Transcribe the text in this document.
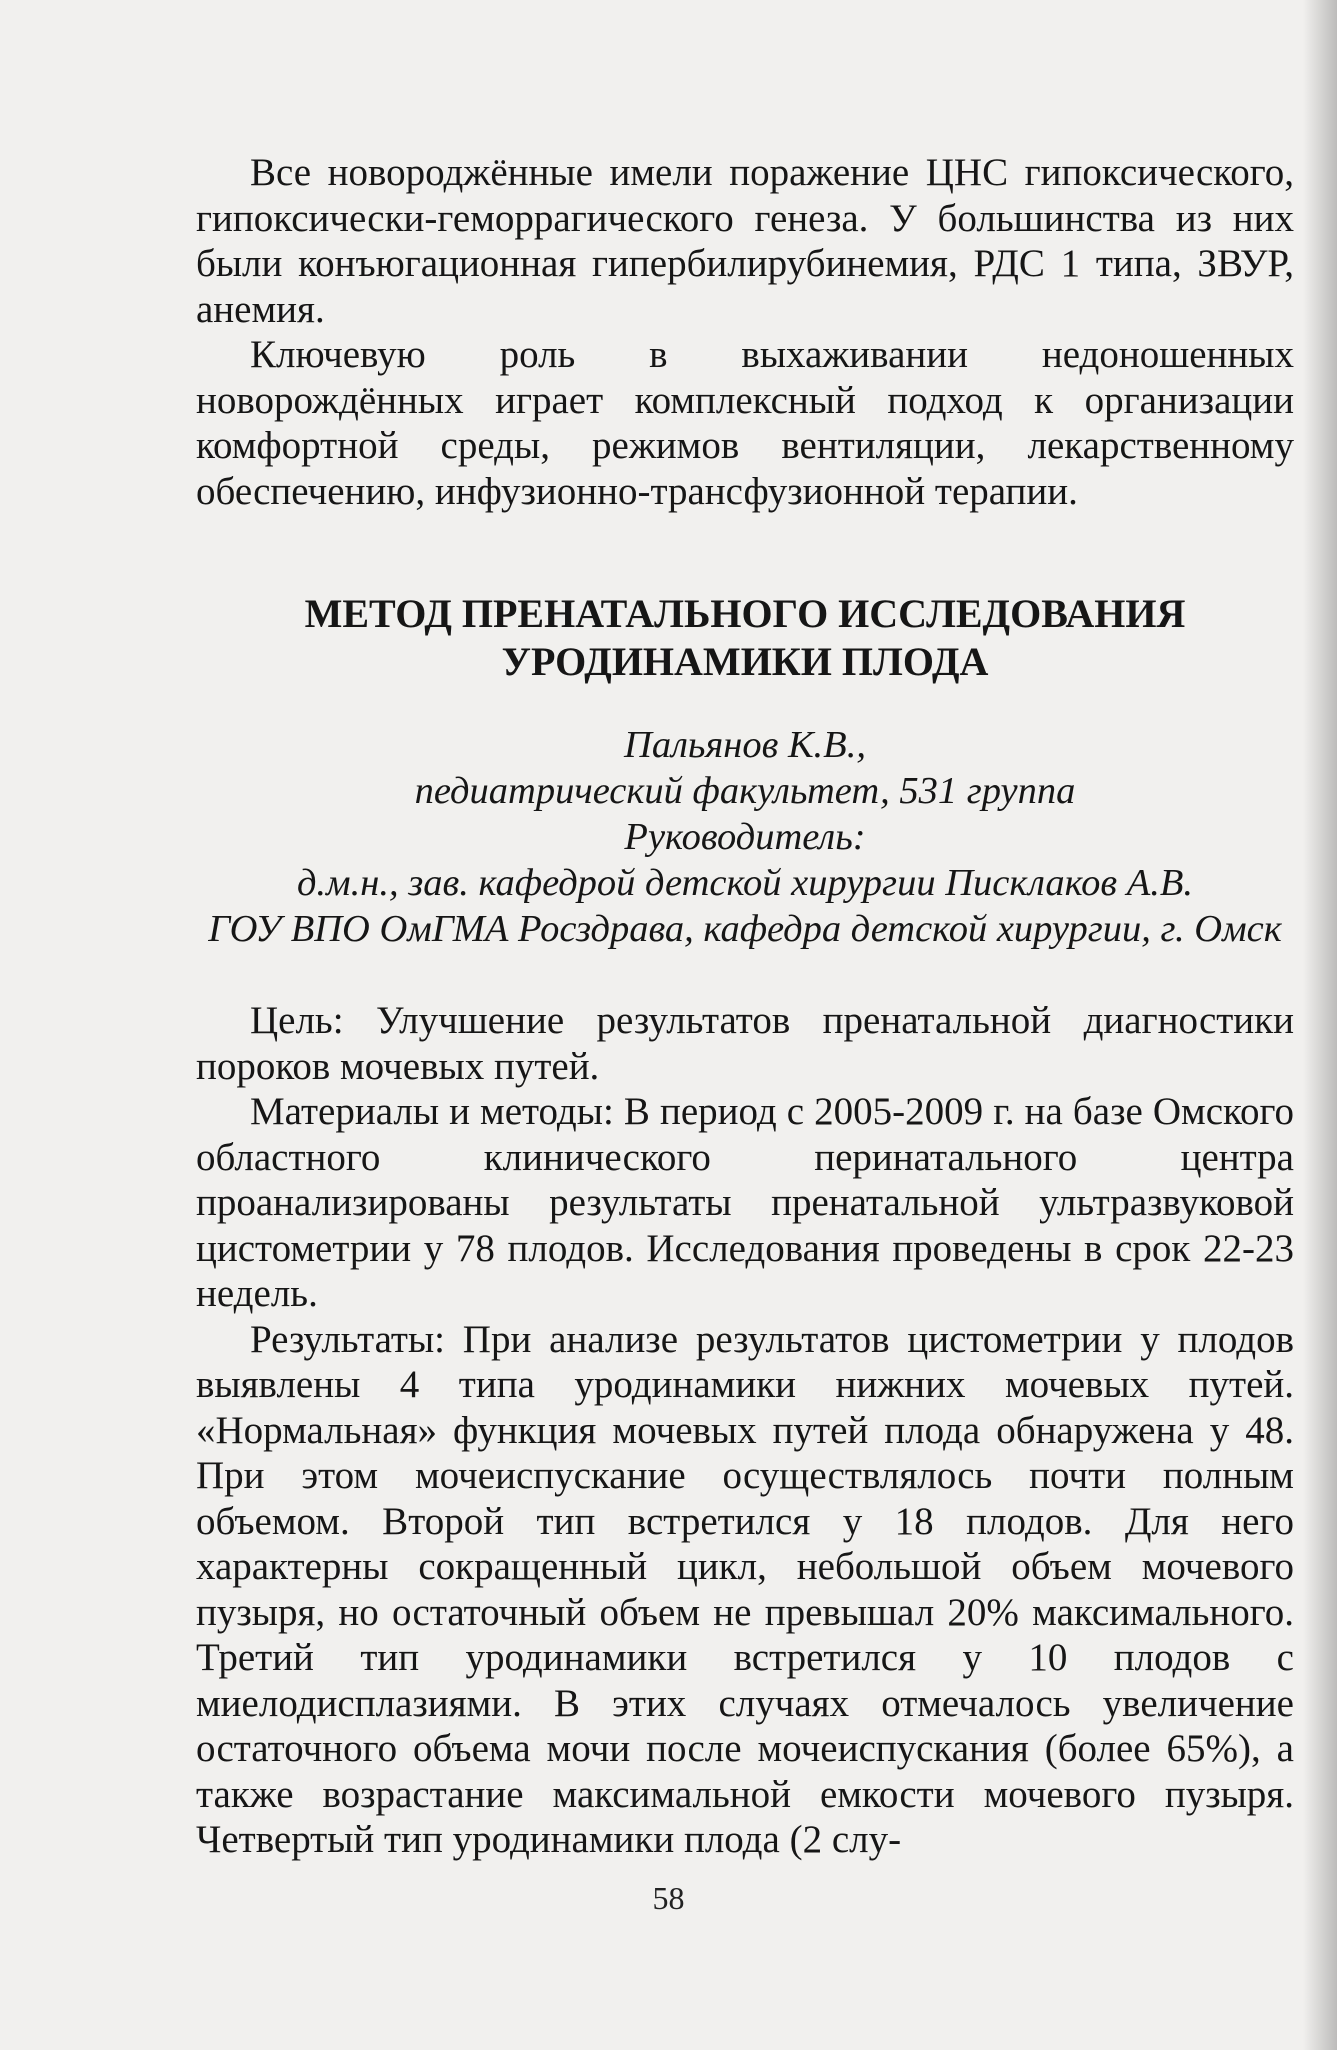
Все новороджённые имели поражение ЦНС гипоксического, гипоксически-геморрагического генеза. У большинства из них были конъюгационная гипербилирубинемия, РДС 1 типа, ЗВУР, анемия.

Ключевую роль в выхаживании недоношенных новорождённых играет комплексный подход к организации комфортной среды, режимов вентиляции, лекарственному обеспечению, инфузионно-трансфузионной терапии.

МЕТОД ПРЕНАТАЛЬНОГО ИССЛЕДОВАНИЯ
УРОДИНАМИКИ ПЛОДА
Пальянов К.В.,
педиатрический факультет, 531 группа
Руководитель:
д.м.н., зав. кафедрой детской хирургии Писклаков А.В.
ГОУ ВПО ОмГМА Росздрава, кафедра детской хирургии, г. Омск

Цель: Улучшение результатов пренатальной диагностики пороков мочевых путей.

Материалы и методы: В период с 2005-2009 г. на базе Омского областного клинического перинатального центра проанализированы результаты пренатальной ультразвуковой цистометрии у 78 плодов. Исследования проведены в срок 22-23 недель.

Результаты: При анализе результатов цистометрии у плодов выявлены 4 типа уродинамики нижних мочевых путей. «Нормальная» функция мочевых путей плода обнаружена у 48. При этом мочеиспускание осуществлялось почти полным объемом. Второй тип встретился у 18 плодов. Для него характерны сокращенный цикл, небольшой объем мочевого пузыря, но остаточный объем не превышал 20% максимального. Третий тип уродинамики встретился у 10 плодов с миелодисплазиями. В этих случаях отмечалось увеличение остаточного объема мочи после мочеиспускания (более 65%), а также возрастание максимальной емкости мочевого пузыря. Четвертый тип уродинамики плода (2 слу-

58
